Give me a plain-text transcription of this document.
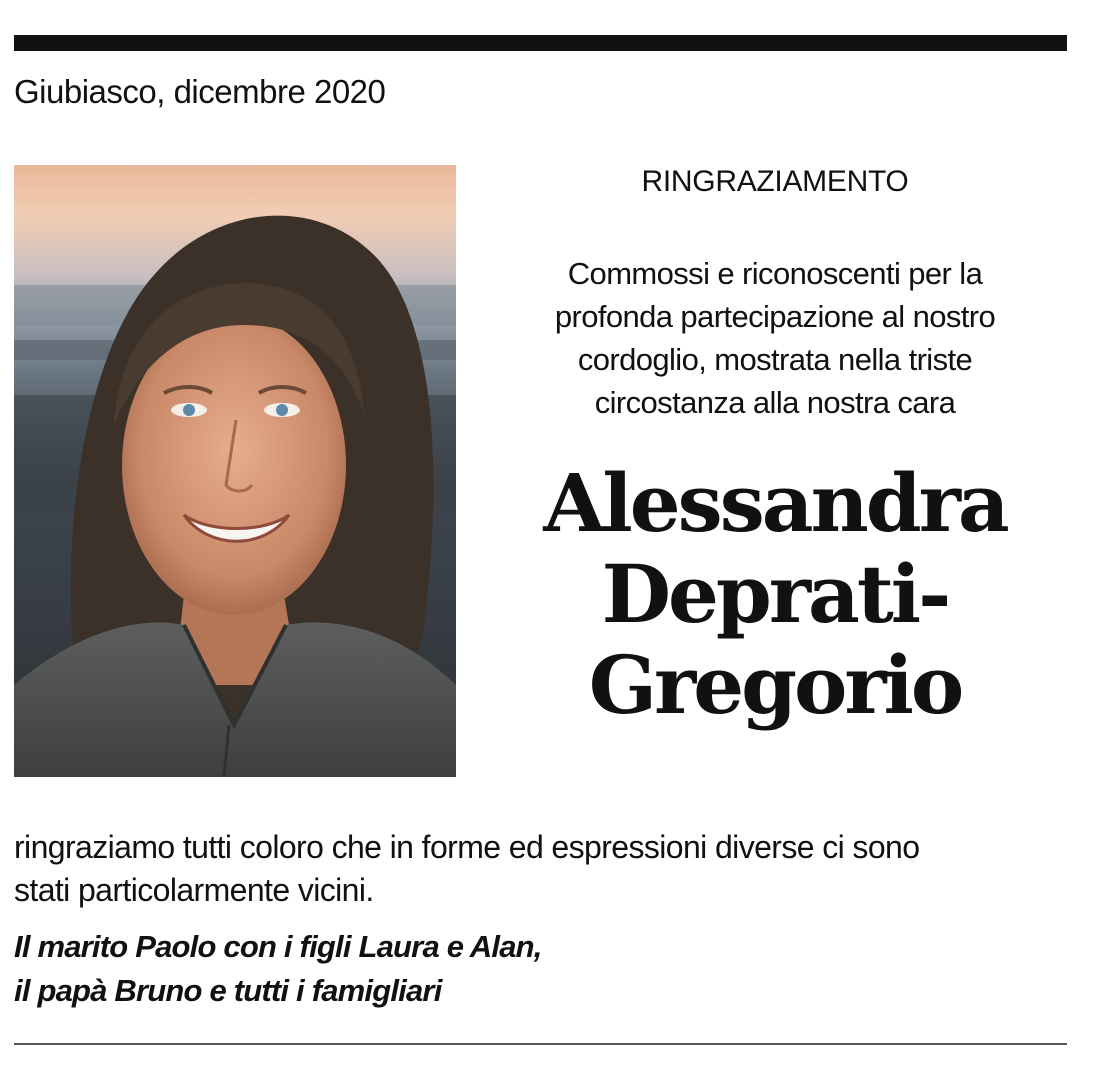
Giubiasco, dicembre 2020
RINGRAZIAMENTO
Commossi e riconoscenti per la
profonda partecipazione al nostro
cordoglio, mostrata nella triste
circostanza alla nostra cara
Alessandra
Deprati-
Gregorio
ringraziamo tutti coloro che in forme ed espressioni diverse ci sono
stati particolarmente vicini.
Il marito Paolo con i figli Laura e Alan,
il papà Bruno e tutti i famigliari
